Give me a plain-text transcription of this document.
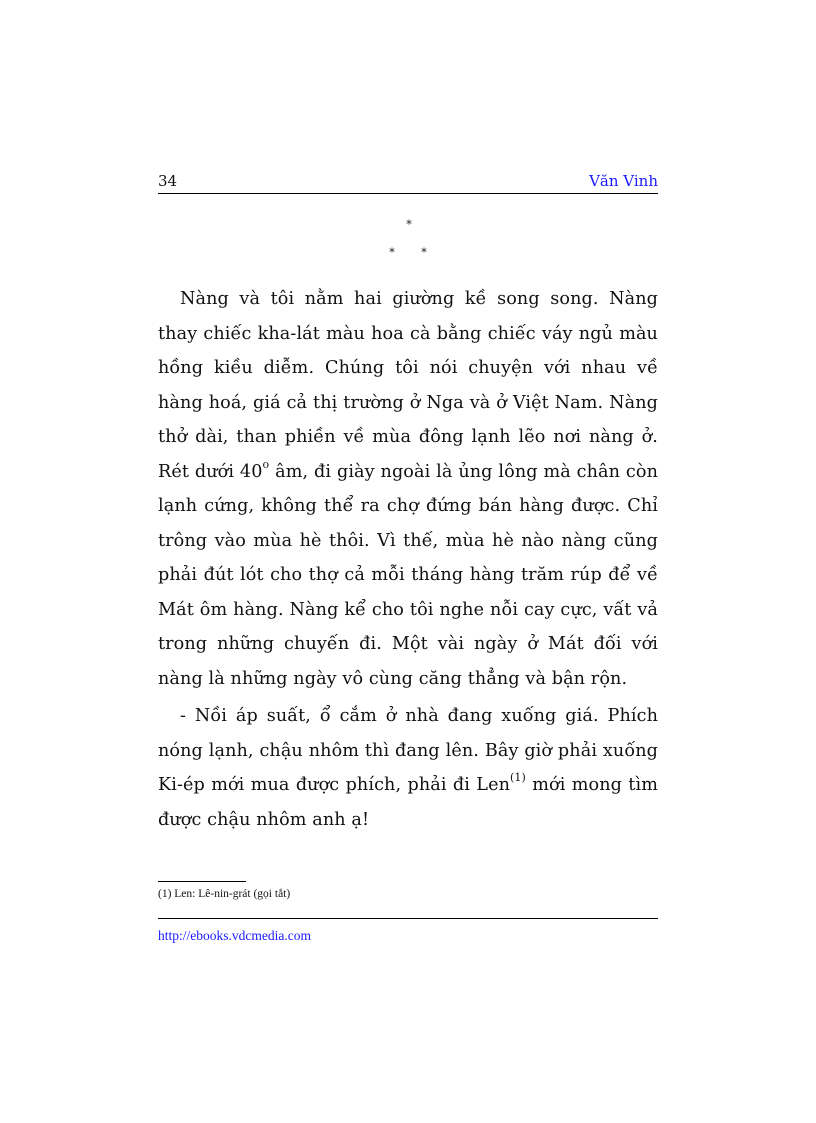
34	Văn Vinh
*
* *

Nàng và tôi nằm hai giường kề song song. Nàng thay chiếc kha-lát màu hoa cà bằng chiếc váy ngủ màu hồng kiều diễm. Chúng tôi nói chuyện với nhau về hàng hoá, giá cả thị trường ở Nga và ở Việt Nam. Nàng thở dài, than phiền về mùa đông lạnh lẽo nơi nàng ở. Rét dưới 40$^o$ âm, đi giày ngoài là ủng lông mà chân còn lạnh cứng, không thể ra chợ đứng bán hàng được. Chỉ trông vào mùa hè thôi. Vì thế, mùa hè nào nàng cũng phải đút lót cho thợ cả mỗi tháng hàng trăm rúp để về Mát ôm hàng. Nàng kể cho tôi nghe nỗi cay cực, vất vả trong những chuyến đi. Một vài ngày ở Mát đối với nàng là những ngày vô cùng căng thẳng và bận rộn.

- Nồi áp suất, ổ cắm ở nhà đang xuống giá. Phích nóng lạnh, chậu nhôm thì đang lên. Bây giờ phải xuống Ki-ép mới mua được phích, phải đi Len$^{(1)}$ mới mong tìm được chậu nhôm anh ạ!

(1) Len: Lê-nin-grát (gọi tắt)
http://ebooks.vdcmedia.com
